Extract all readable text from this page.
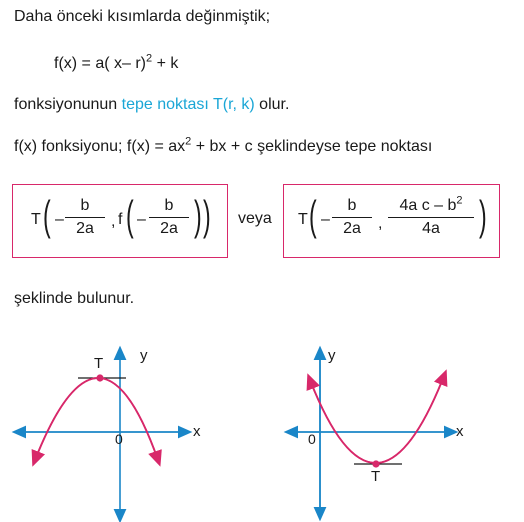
Daha önceki kısımlarda değinmiştik;
f(x) = a( x– r)$^2$ + k
fonksiyonunun tepe noktası T(r, k) olur.
f(x) fonksiyonu; $f(x) = ax^2$ + bx + c şeklindeyse tepe noktası
T ( – $\frac{b}{2a}$ , f ( – $\frac{b}{2a}$ ) ) veya T ( – $\frac{b}{2a}$ , $\frac{4a c - b^2}{4a}$ )
şeklinde bulunur.
T y
x
0
T
y
x
0
